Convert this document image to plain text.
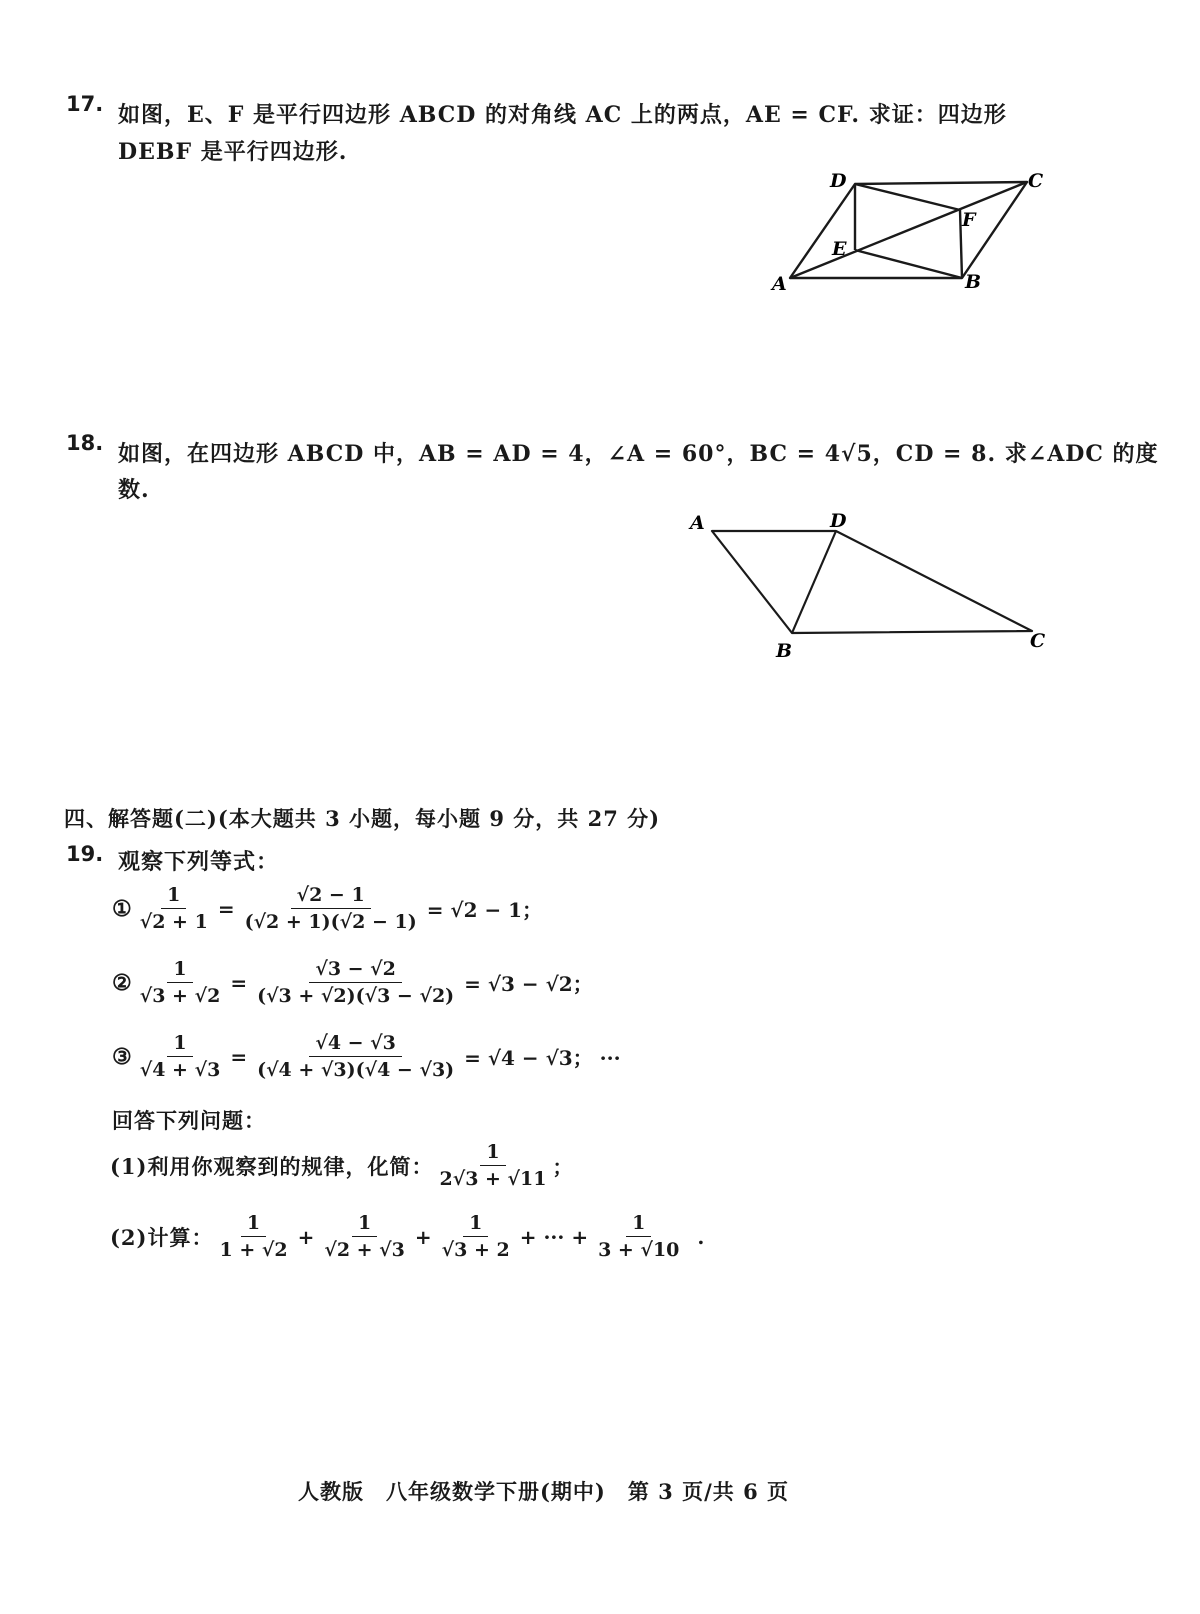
17. 如图，E、F 是平行四边形 ABCD 的对角线 AC 上的两点，AE = CF. 求证：四边形
DEBF 是平行四边形.
A	B
C
D
E
F
18. 如图，在四边形 ABCD 中，AB = AD = 4，∠A = 60°，BC = 4√5，CD = 8. 求∠ADC 的度
数.
A
B	C
D
四、解答题(二)(本大题共 3 小题，每小题 9 分，共 27 分)
19. 观察下列等式：
① $\frac{1}{√2 + 1} = \frac{√2 - 1}{(√2 + 1)(√2 - 1)} = √2 - 1$；
② $\frac{1}{√3 + √2} = \frac{√3 - √2}{(√3 + √2)(√3 - √2)} = √3 - √2$；
③ $\frac{1}{√4 + √3} = \frac{√4 - √3}{(√4 + √3)(√4 - √3)} = √4 - √3$； ···
回答下列问题：
(1)利用你观察到的规律，化简： $\frac{1}{2√3 + √11}$ ；
(2)计算： $\frac{1}{1 + √2} + \frac{1}{√2 + √3} + \frac{1}{√3 + 2}$ + ··· + $\frac{1}{3 + √10}$ .
人教版　八年级数学下册(期中)　第 3 页/共 6 页
